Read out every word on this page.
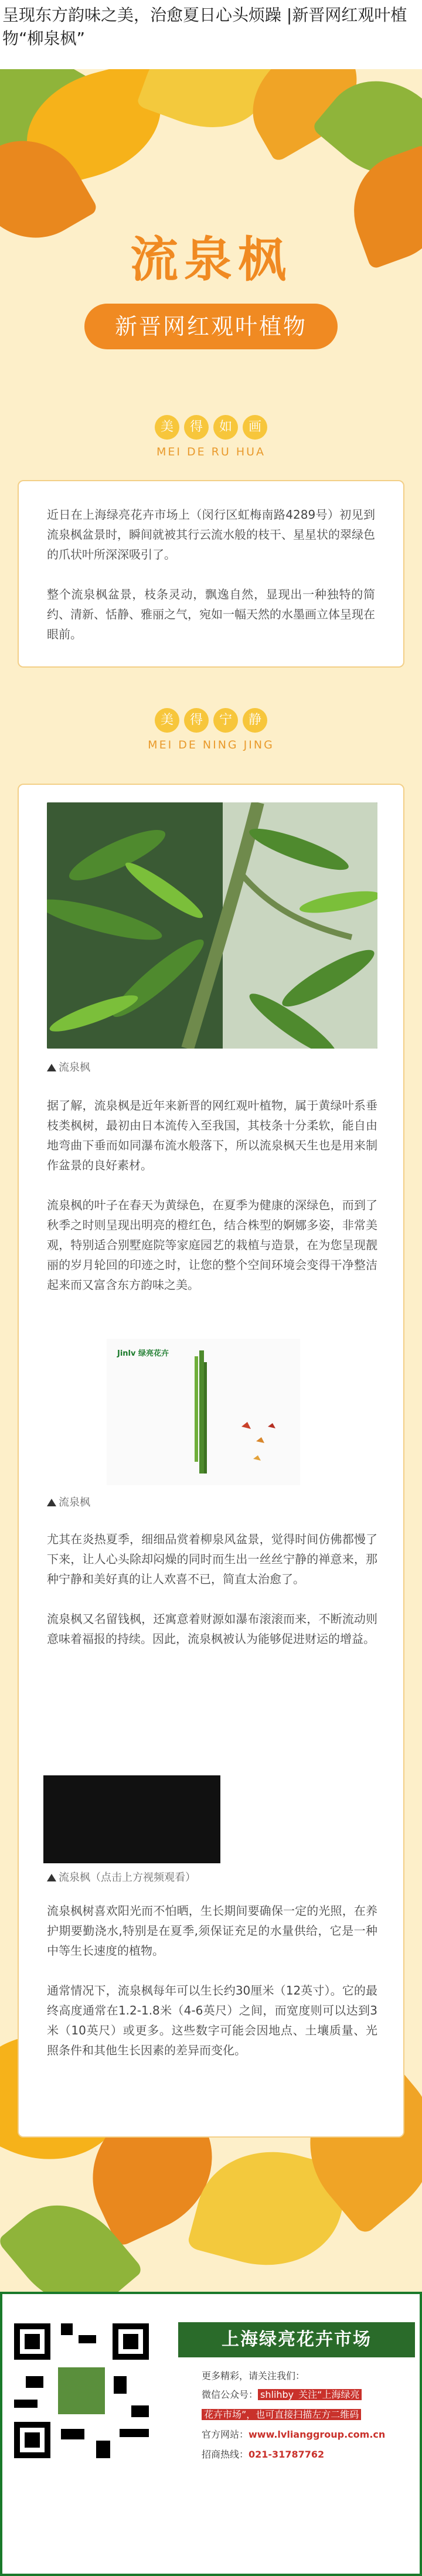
呈现东方韵味之美，治愈夏日心头烦躁 |新晋网红观叶植
物“柳泉枫”
流泉枫
新晋网红观叶植物
美	得	如	画
MEI DE RU HUA

近日在上海绿亮花卉市场上（闵行区虹梅南路4289号）初见到流泉枫盆景时，瞬间就被其行云流水般的枝干、星星状的翠绿色的爪状叶所深深吸引了。

整个流泉枫盆景，枝条灵动，飘逸自然，显现出一种独特的简约、清新、恬静、雅丽之气，宛如一幅天然的水墨画立体呈现在眼前。

美	得	宁	静
MEI DE NING JING
流泉枫

据了解，流泉枫是近年来新晋的网红观叶植物，属于黄绿叶系垂枝类枫树，最初由日本流传入至我国，其枝条十分柔软，能自由地弯曲下垂而如同瀑布流水般落下，所以流泉枫天生也是用来制作盆景的良好素材。

流泉枫的叶子在春天为黄绿色，在夏季为健康的深绿色，而到了秋季之时则呈现出明亮的橙红色，结合株型的婀娜多姿，非常美观，特别适合别墅庭院等家庭园艺的栽植与造景，在为您呈现靓丽的岁月轮回的印迹之时，让您的整个空间环境会变得干净整洁起来而又富含东方韵味之美。

Jinlv 绿亮花卉
流泉枫

尤其在炎热夏季，细细品赏着柳泉风盆景，觉得时间仿佛都慢了下来，让人心头除却闷燥的同时而生出一丝丝宁静的禅意来，那种宁静和美好真的让人欢喜不已，简直太治愈了。

流泉枫又名留钱枫，还寓意着财源如瀑布滚滚而来，不断流动则意味着福报的持续。因此，流泉枫被认为能够促进财运的增益。

流泉枫（点击上方视频观看）

流泉枫树喜欢阳光而不怕晒，生长期间要确保一定的光照，在养护期要勤浇水,特别是在夏季,须保证充足的水量供给，它是一种中等生长速度的植物。

通常情况下，流泉枫每年可以生长约30厘米（12英寸）。它的最终高度通常在1.2-1.8米（4-6英尺）之间，而宽度则可以达到3米（10英尺）或更多。这些数字可能会因地点、土壤质量、光照条件和其他生长因素的差异而变化。

上海绿亮花卉市场
更多精彩，请关注我们：
微信公众号： shlihby 关注“上海绿亮
花卉市场”，也可直接扫描左方二维码
官方网站：www.lvlianggroup.com.cn
招商热线：021-31787762
